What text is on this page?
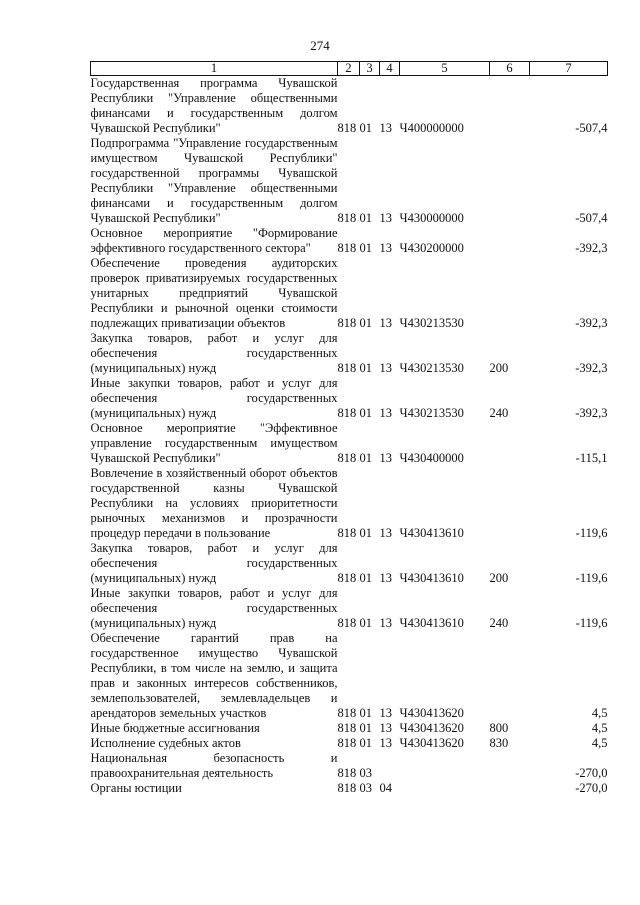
274
1	2	3	4	5	6	7
Государственная программа Чувашской Республики "Управление общественными финансами и государственным долгом Чувашской Республики"	818	01	13	Ч400000000		-507,4
Подпрограмма "Управление государственным имуществом Чувашской Республики" государственной программы Чувашской Республики "Управление общественными финансами и государственным долгом Чувашской Республики"	818	01	13	Ч430000000		-507,4
Основное мероприятие "Формирование эффективного государственного сектора"	818	01	13	Ч430200000		-392,3
Обеспечение проведения аудиторских проверок приватизируемых государственных унитарных предприятий Чувашской Республики и рыночной оценки стоимости подлежащих приватизации объектов	818	01	13	Ч430213530		-392,3
Закупка товаров, работ и услуг для обеспечения государственных (муниципальных) нужд	818	01	13	Ч430213530	200	-392,3
Иные закупки товаров, работ и услуг для обеспечения государственных (муниципальных) нужд	818	01	13	Ч430213530	240	-392,3
Основное мероприятие "Эффективное управление государственным имуществом Чувашской Республики"	818	01	13	Ч430400000		-115,1
Вовлечение в хозяйственный оборот объектов государственной казны Чувашской Республики на условиях приоритетности рыночных механизмов и прозрачности процедур передачи в пользование	818	01	13	Ч430413610		-119,6
Закупка товаров, работ и услуг для обеспечения государственных (муниципальных) нужд	818	01	13	Ч430413610	200	-119,6
Иные закупки товаров, работ и услуг для обеспечения государственных (муниципальных) нужд	818	01	13	Ч430413610	240	-119,6
Обеспечение гарантий прав на государственное имущество Чувашской Республики, в том числе на землю, и защита прав и законных интересов собственников, землепользователей, землевладельцев и арендаторов земельных участков	818	01	13	Ч430413620		4,5
Иные бюджетные ассигнования	818	01	13	Ч430413620	800	4,5
Исполнение судебных актов	818	01	13	Ч430413620	830	4,5
Национальная безопасность и правоохранительная деятельность	818	03				-270,0
Органы юстиции	818	03	04			-270,0
